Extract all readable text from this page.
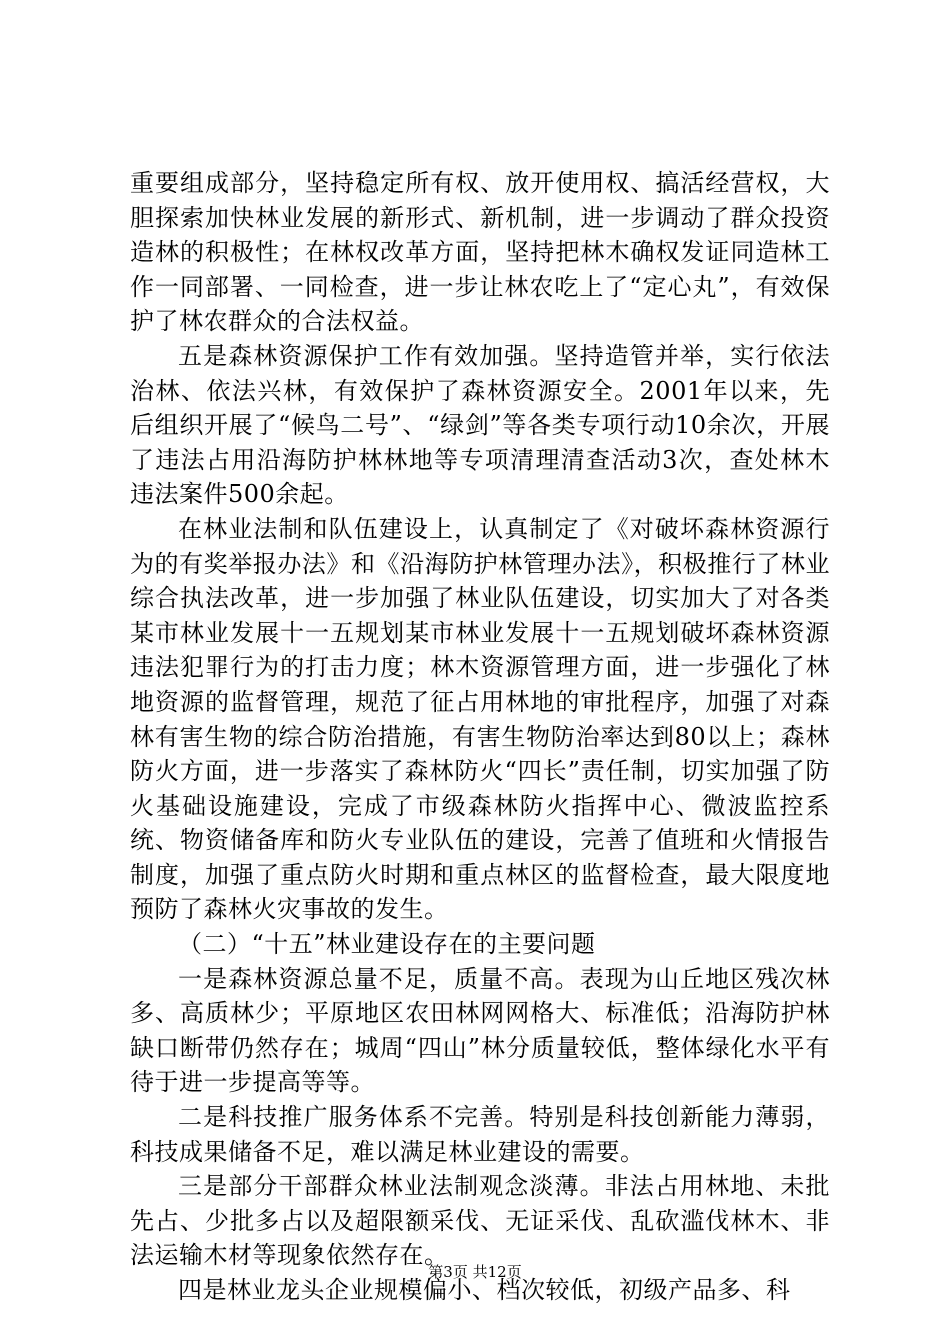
重要组成部分，坚持稳定所有权、放开使用权、搞活经营权，大胆探索加快林业发展的新形式、新机制，进一步调动了群众投资造林的积极性；在林权改革方面，坚持把林木确权发证同造林工作一同部署、一同检查，进一步让林农吃上了“定心丸”，有效保护了林农群众的合法权益。

五是森林资源保护工作有效加强。坚持造管并举，实行依法治林、依法兴林，有效保护了森林资源安全。2001年以来，先后组织开展了“候鸟二号”、“绿剑”等各类专项行动10余次，开展了违法占用沿海防护林林地等专项清理清查活动3次，查处林木违法案件500余起。

在林业法制和队伍建设上，认真制定了《对破坏森林资源行为的有奖举报办法》和《沿海防护林管理办法》，积极推行了林业综合执法改革，进一步加强了林业队伍建设，切实加大了对各类某市林业发展十一五规划某市林业发展十一五规划破坏森林资源违法犯罪行为的打击力度；林木资源管理方面，进一步强化了林地资源的监督管理，规范了征占用林地的审批程序，加强了对森林有害生物的综合防治措施，有害生物防治率达到80以上；森林防火方面，进一步落实了森林防火“四长”责任制，切实加强了防火基础设施建设，完成了市级森林防火指挥中心、微波监控系统、物资储备库和防火专业队伍的建设，完善了值班和火情报告制度，加强了重点防火时期和重点林区的监督检查，最大限度地预防了森林火灾事故的发生。

（二）“十五”林业建设存在的主要问题

一是森林资源总量不足，质量不高。表现为山丘地区残次林多、高质林少；平原地区农田林网网格大、标准低；沿海防护林缺口断带仍然存在；城周“四山”林分质量较低，整体绿化水平有待于进一步提高等等。

二是科技推广服务体系不完善。特别是科技创新能力薄弱，科技成果储备不足，难以满足林业建设的需要。

三是部分干部群众林业法制观念淡薄。非法占用林地、未批先占、少批多占以及超限额采伐、无证采伐、乱砍滥伐林木、非法运输木材等现象依然存在。

四是林业龙头企业规模偏小、档次较低，初级产品多、科

第3页 共12页
